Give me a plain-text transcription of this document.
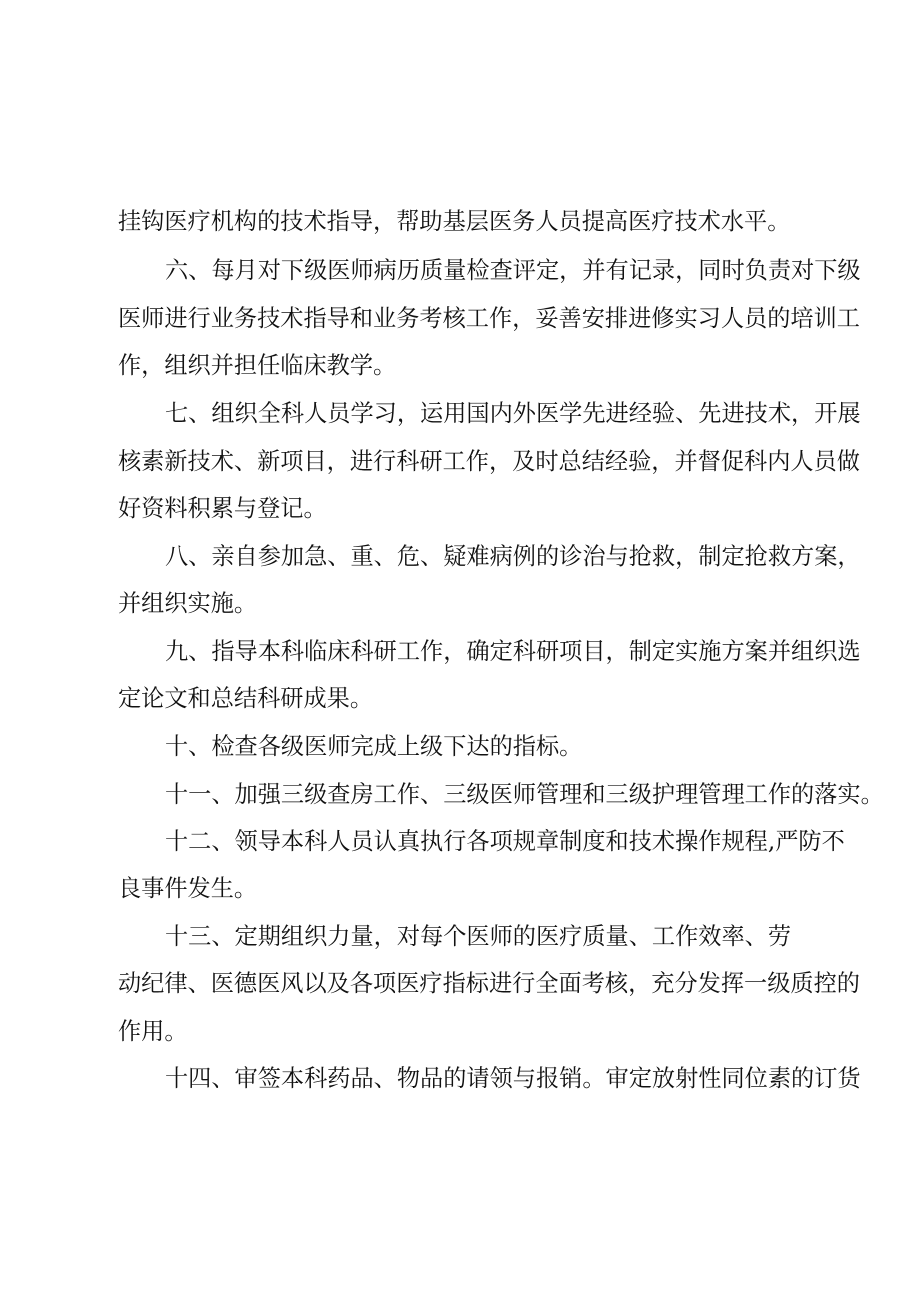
挂钩医疗机构的技术指导，帮助基层医务人员提高医疗技术水平。
六、每月对下级医师病历质量检查评定，并有记录，同时负责对下级
医师进行业务技术指导和业务考核工作，妥善安排进修实习人员的培训工
作，组织并担任临床教学。
七、组织全科人员学习，运用国内外医学先进经验、先进技术，开展
核素新技术、新项目，进行科研工作，及时总结经验，并督促科内人员做
好资料积累与登记。
八、亲自参加急、重、危、疑难病例的诊治与抢救，制定抢救方案，
并组织实施。
九、指导本科临床科研工作，确定科研项目，制定实施方案并组织选
定论文和总结科研成果。
十、检查各级医师完成上级下达的指标。
十一、加强三级查房工作、三级医师管理和三级护理管理工作的落实。
十二、领导本科人员认真执行各项规章制度和技术操作规程,严防不
良事件发生。
十三、定期组织力量，对每个医师的医疗质量、工作效率、劳
动纪律、医德医风以及各项医疗指标进行全面考核，充分发挥一级质控的
作用。
十四、审签本科药品、物品的请领与报销。审定放射性同位素的订货
